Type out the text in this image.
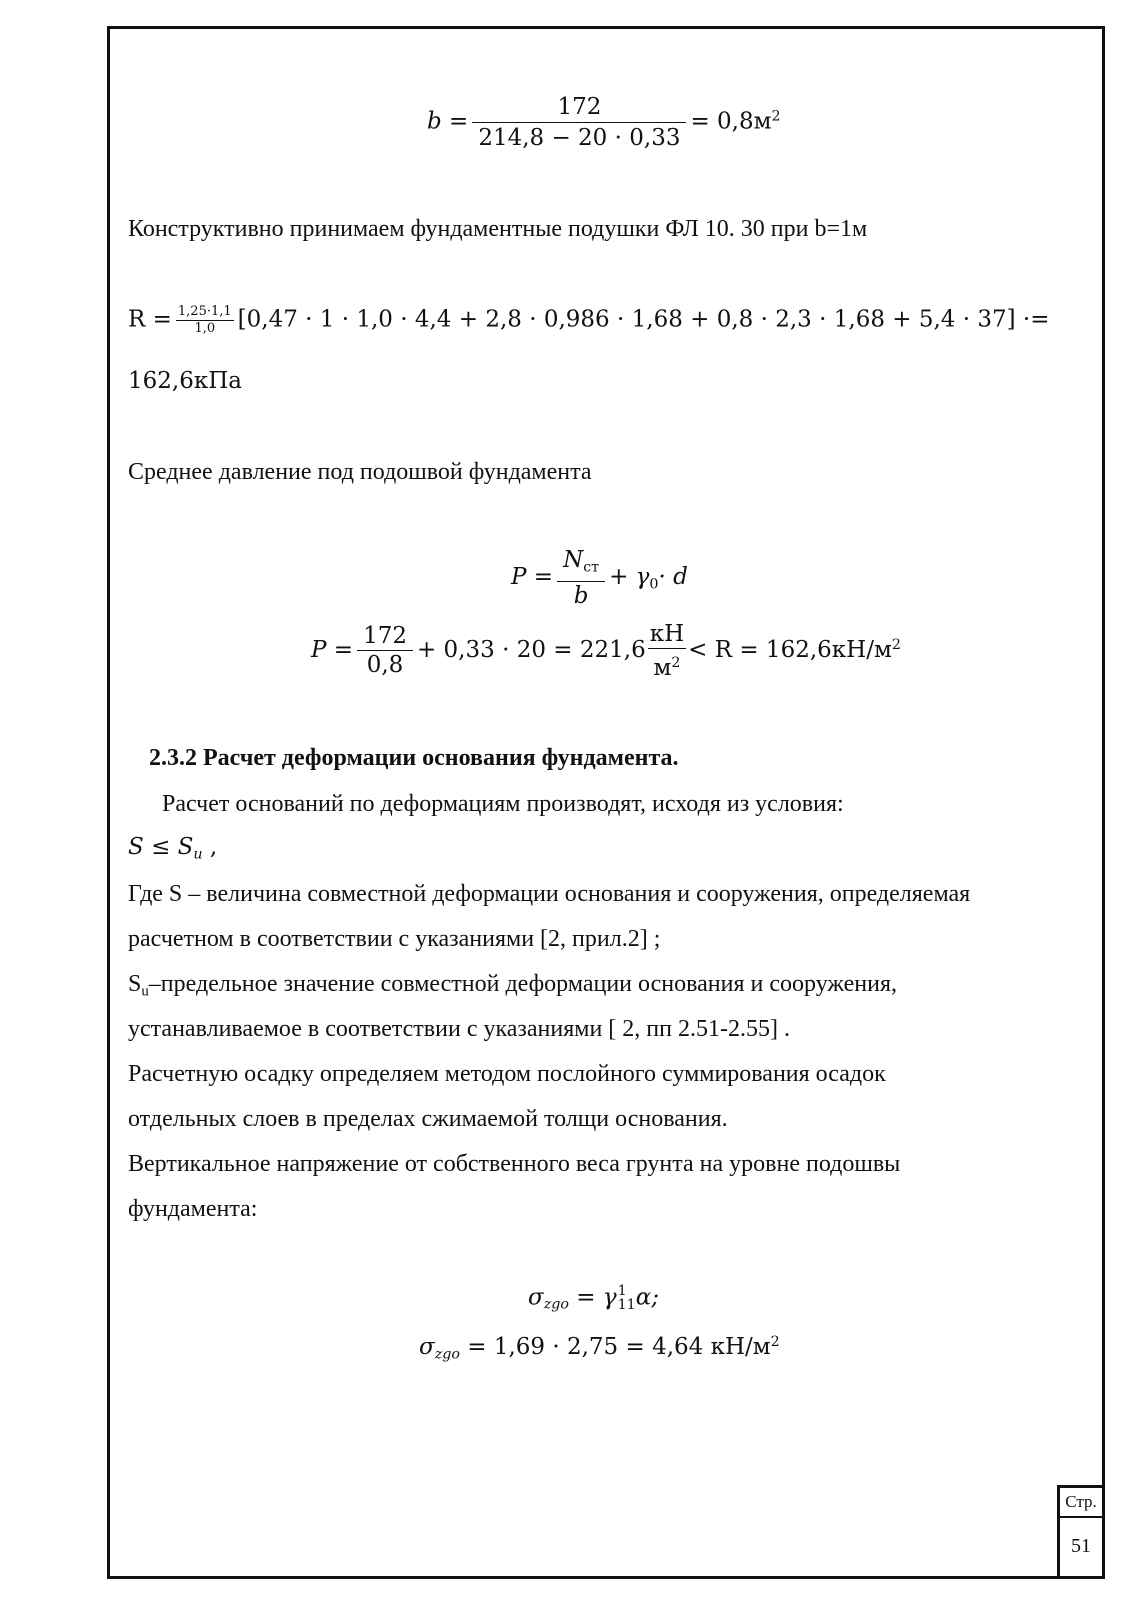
$b = \frac{172}{214,8 - 20 \cdot 0,33} = 0,8м^2$
Конструктивно принимаем фундаментные подушки ФЛ 10. 30 при b=1м
$R = \frac{1,25\cdot 1,1}{1,0} [0,47 \cdot 1 \cdot 1,0 \cdot 4,4 + 2,8 \cdot 0,986 \cdot 1,68 + 0,8 \cdot 2,3 \cdot 1,68 + 5,4 \cdot 37]$ ·=
162,6кПа
Среднее давление под подошвой фундамента
$P = \frac{N_{ст}}{b} + \gamma_0\cdot d$
$P = \frac{172}{0,8} + 0,33 \cdot 20 = 221,6 \frac{кН}{м^2} < R = 162,6кН/м^2$
2.3.2 Расчет деформации основания фундамента.
Расчет оснований по деформациям производят, исходя из условия:
$S \le S_u$ ,
Где S – величина совместной деформации основания и сооружения, определяемая
расчетном в соответствии с указаниями [2, прил.2] ;
$S_u$–предельное значение совместной деформации основания и сооружения,
устанавливаемое в соответствии с указаниями [ 2, пп 2.51-2.55] .
Расчетную осадку определяем методом послойного суммирования осадок
отдельных слоев в пределах сжимаемой толщи основания.
Вертикальное напряжение от собственного веса грунта на уровне подошвы
фундамента:
$\sigma_{zgo} = \gamma$ 1
11 α;
$\sigma_{zgo} = 1,69 \cdot 2,75 = 4,64$ $кН/м^2$
Стр.
51
